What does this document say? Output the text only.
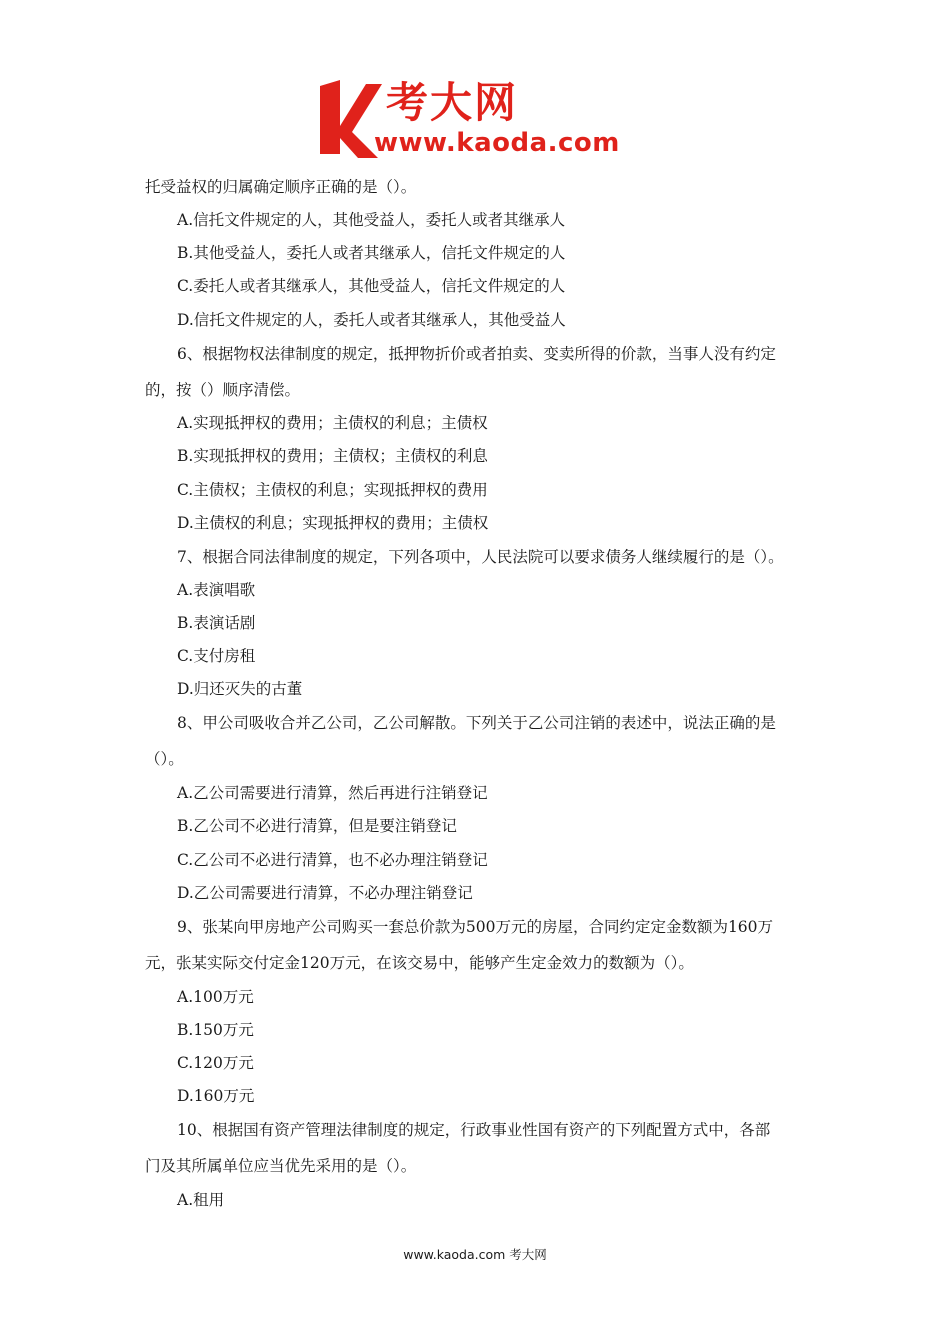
考大网
www.kaoda.com
托受益权的归属确定顺序正确的是（）。
A.信托文件规定的人，其他受益人，委托人或者其继承人
B.其他受益人，委托人或者其继承人，信托文件规定的人
C.委托人或者其继承人，其他受益人，信托文件规定的人
D.信托文件规定的人，委托人或者其继承人，其他受益人
6、根据物权法律制度的规定，抵押物折价或者拍卖、变卖所得的价款，当事人没有约定
的，按（）顺序清偿。
A.实现抵押权的费用；主债权的利息；主债权
B.实现抵押权的费用；主债权；主债权的利息
C.主债权；主债权的利息；实现抵押权的费用
D.主债权的利息；实现抵押权的费用；主债权
7、根据合同法律制度的规定，下列各项中，人民法院可以要求债务人继续履行的是（）。
A.表演唱歌
B.表演话剧
C.支付房租
D.归还灭失的古董
8、甲公司吸收合并乙公司，乙公司解散。下列关于乙公司注销的表述中，说法正确的是
（）。
A.乙公司需要进行清算，然后再进行注销登记
B.乙公司不必进行清算，但是要注销登记
C.乙公司不必进行清算，也不必办理注销登记
D.乙公司需要进行清算，不必办理注销登记
9、张某向甲房地产公司购买一套总价款为500万元的房屋，合同约定定金数额为160万
元，张某实际交付定金120万元，在该交易中，能够产生定金效力的数额为（）。
A.100万元
B.150万元
C.120万元
D.160万元
10、根据国有资产管理法律制度的规定，行政事业性国有资产的下列配置方式中，各部
门及其所属单位应当优先采用的是（）。
A.租用
www.kaoda.com 考大网
